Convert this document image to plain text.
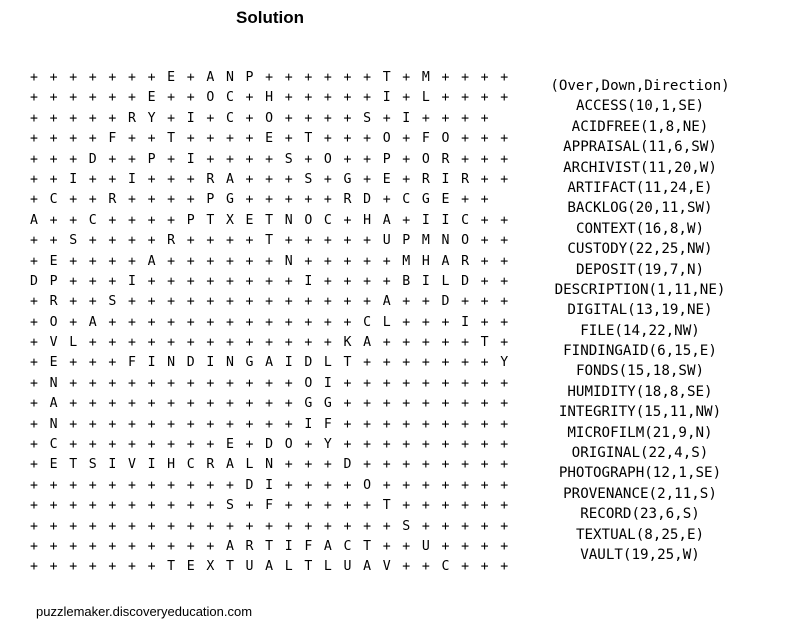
Solution
+ + + + + + + E + A N P + + + + + + T + M + + + +
+ + + + + + E + + O C + H + + + + + I + L + + + +
+ + + + + R Y + I + C + O + + + + S + I + + + +
+ + + + F + + T + + + + E + T + + + O + F O + + +
+ + + D + + P + I + + + + S + O + + P + O R + + +
+ + I + + I + + + R A + + + S + G + E + R I R + +
+ C + + R + + + + P G + + + + + R D + C G E + +
A + + C + + + + P T X E T N O C + H A + I I C + +
+ + S + + + + R + + + + T + + + + + U P M N O + +
+ E + + + + A + + + + + + N + + + + + M H A R + +
D P + + + I + + + + + + + + I + + + + B I L D + +
+ R + + S + + + + + + + + + + + + + A + + D + + +
+ O + A + + + + + + + + + + + + + C L + + + I + +
+ V L + + + + + + + + + + + + + K A + + + + + T +
+ E + + + F I N D I N G A I D L T + + + + + + + Y
+ N + + + + + + + + + + + + O I + + + + + + + + +
+ A + + + + + + + + + + + + G G + + + + + + + + +
+ N + + + + + + + + + + + + I F + + + + + + + + +
+ C + + + + + + + + E + D O + Y + + + + + + + + +
+ E T S I V I H C R A L N + + + D + + + + + + + +
+ + + + + + + + + + + D I + + + + O + + + + + + +
+ + + + + + + + + + S + F + + + + + T + + + + + +
+ + + + + + + + + + + + + + + + + + + S + + + + +
+ + + + + + + + + + A R T I F A C T + + U + + + +
+ + + + + + + T E X T U A L T L U A V + + C + + +
(Over,Down,Direction)
ACCESS(10,1,SE)
ACIDFREE(1,8,NE)
APPRAISAL(11,6,SW)
ARCHIVIST(11,20,W)
ARTIFACT(11,24,E)
BACKLOG(20,11,SW)
CONTEXT(16,8,W)
CUSTODY(22,25,NW)
DEPOSIT(19,7,N)
DESCRIPTION(1,11,NE)
DIGITAL(13,19,NE)
FILE(14,22,NW)
FINDINGAID(6,15,E)
FONDS(15,18,SW)
HUMIDITY(18,8,SE)
INTEGRITY(15,11,NW)
MICROFILM(21,9,N)
ORIGINAL(22,4,S)
PHOTOGRAPH(12,1,SE)
PROVENANCE(2,11,S)
RECORD(23,6,S)
TEXTUAL(8,25,E)
VAULT(19,25,W)
puzzlemaker.discoveryeducation.com
